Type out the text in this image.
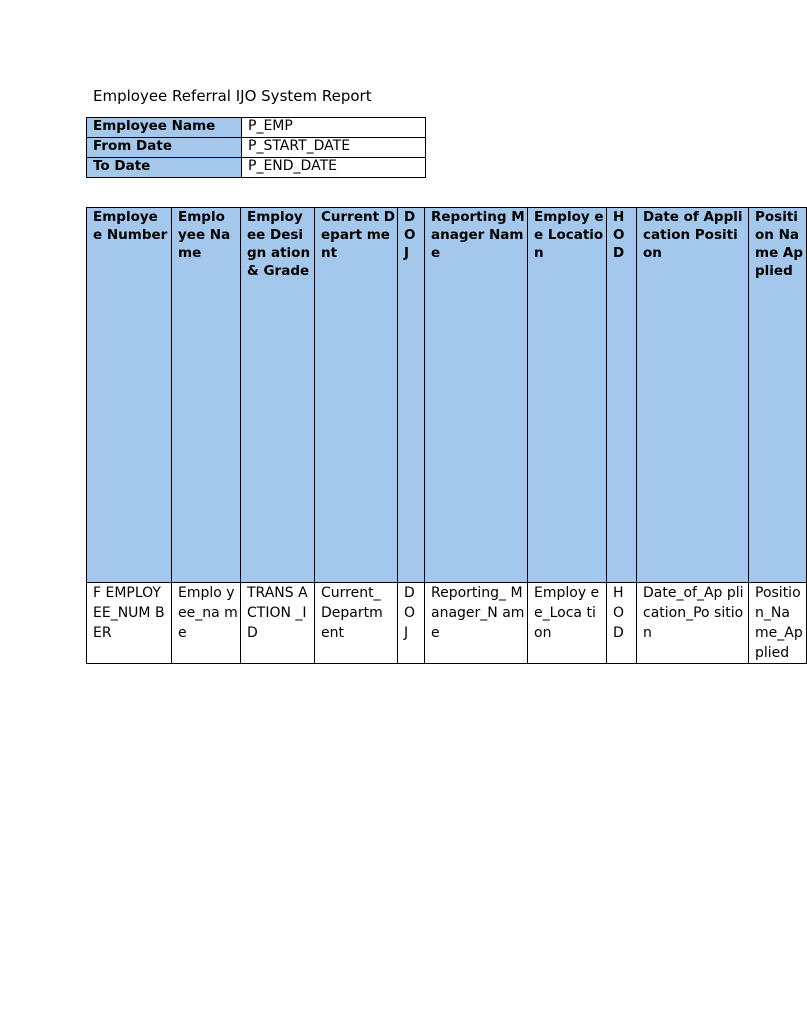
Employee Referral IJO System Report
Employee Name	P_EMP
From Date	P_START_DATE
To Date	P_END_DATE
Employe e Number	Emplo yee Name	Employ ee Design ation & Grade	Current Depart ment	D O J	Reporting Manager Name	Employ ee Locatio n	H O D	Date of Application Position	Position Name Applied
F EMPLOY EE_NUM BER	Emplo yee_na me	TRANS ACTION _ID	Current_ Departm ent	D O J	Reporting_ Manager_N ame	Employ ee_Loca tion	H O D	Date_of_Ap plication_Po sition	Position_Na me_Applied
